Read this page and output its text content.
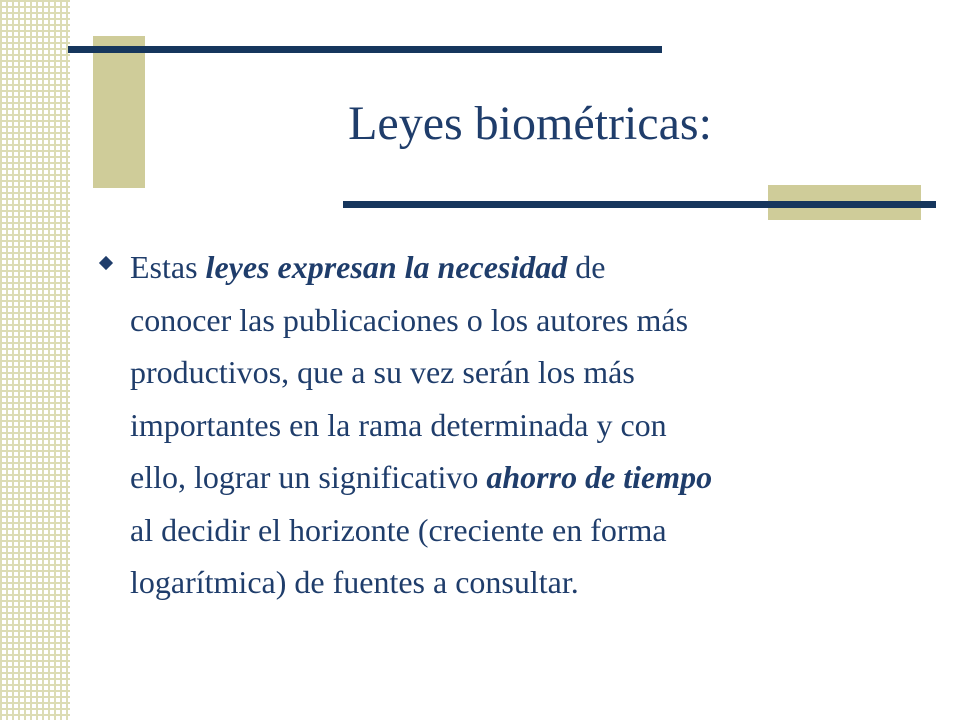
Leyes biométricas:
Estas leyes expresan la necesidad de
conocer las publicaciones o los autores más
productivos, que a su vez serán los más
importantes en la rama determinada y con
ello, lograr un significativo ahorro de tiempo
al decidir el horizonte (creciente en forma
logarítmica) de fuentes a consultar.
